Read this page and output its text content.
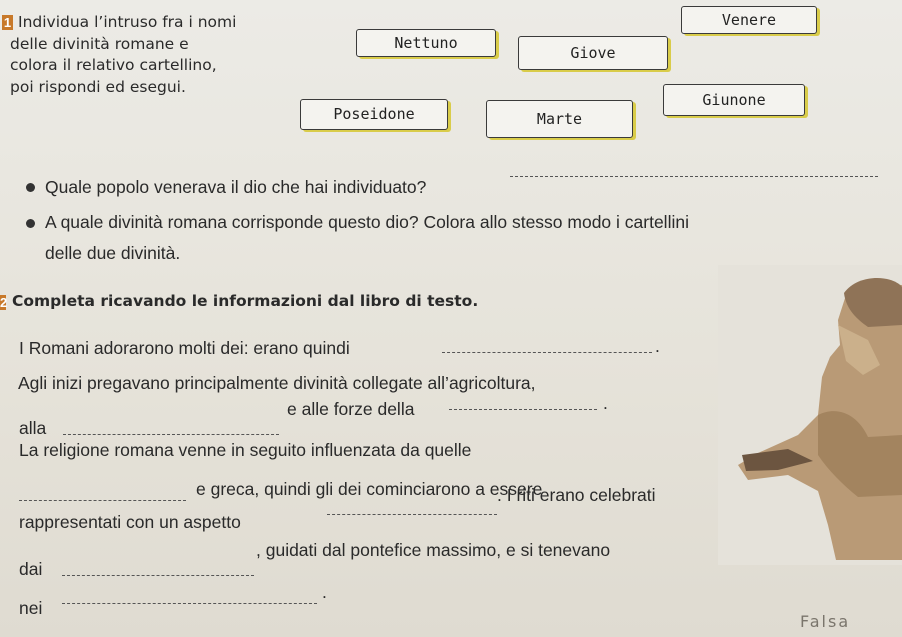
1 Individua l’intruso fra i nomi
delle divinità romane e
colora il relativo cartellino,
poi rispondi ed esegui.
Venere
Nettuno
Giove
Giunone
Poseidone	Marte
Quale popolo venerava il dio che hai individuato?
A quale divinità romana corrisponde questo dio? Colora allo stesso modo i cartellini
delle due divinità.
2 Completa ricavando le informazioni dal libro di testo.
I Romani adorarono molti dei: erano quindi	.
Agli inizi pregavano principalmente divinità collegate all’agricoltura,
alla
e alle forze della	.
La religione romana venne in seguito influenzata da quelle
e greca, quindi gli dei cominciarono a essere
rappresentati con un aspetto
. I riti erano celebrati
dai
, guidati dal pontefice massimo, e si tenevano
nei
.
Falsa
